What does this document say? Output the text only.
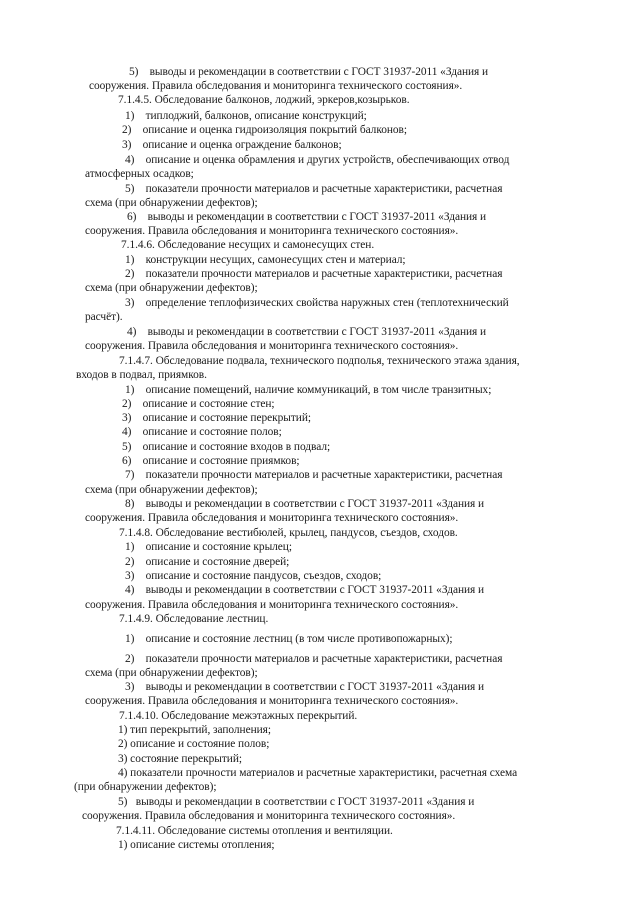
5)    выводы и рекомендации в соответствии с ГОСТ 31937-2011 «Здания и
сооружения. Правила обследования и мониторинга технического состояния».
7.1.4.5. Обследование балконов, лоджий, эркеров,козырьков.
1)    типлоджий, балконов, описание конструкций;
2)    описание и оценка гидроизоляция покрытий балконов;
3)    описание и оценка ограждение балконов;
4)    описание и оценка обрамления и других устройств, обеспечивающих отвод
атмосферных осадков;
5)    показатели прочности материалов и расчетные характеристики, расчетная
схема (при обнаружении дефектов);
6)    выводы и рекомендации в соответствии с ГОСТ 31937-2011 «Здания и
сооружения. Правила обследования и мониторинга технического состояния».
7.1.4.6. Обследование несущих и самонесущих стен.
1)    конструкции несущих, самонесущих стен и материал;
2)    показатели прочности материалов и расчетные характеристики, расчетная
схема (при обнаружении дефектов);
3)    определение теплофизических свойства наружных стен (теплотехнический
расчёт).
4)    выводы и рекомендации в соответствии с ГОСТ 31937-2011 «Здания и
сооружения. Правила обследования и мониторинга технического состояния».
7.1.4.7. Обследование подвала, технического подполья, технического этажа здания,
входов в подвал, приямков.
1)    описание помещений, наличие коммуникаций, в том числе транзитных;
2)    описание и состояние стен;
3)    описание и состояние перекрытий;
4)    описание и состояние полов;
5)    описание и состояние входов в подвал;
6)    описание и состояние приямков;
7)    показатели прочности материалов и расчетные характеристики, расчетная
схема (при обнаружении дефектов);
8)    выводы и рекомендации в соответствии с ГОСТ 31937-2011 «Здания и
сооружения. Правила обследования и мониторинга технического состояния».
7.1.4.8. Обследование вестибюлей, крылец, пандусов, съездов, сходов.
1)    описание и состояние крылец;
2)    описание и состояние дверей;
3)    описание и состояние пандусов, съездов, сходов;
4)    выводы и рекомендации в соответствии с ГОСТ 31937-2011 «Здания и
сооружения. Правила обследования и мониторинга технического состояния».
7.1.4.9. Обследование лестниц.
1)    описание и состояние лестниц (в том числе противопожарных);
2)    показатели прочности материалов и расчетные характеристики, расчетная
схема (при обнаружении дефектов);
3)    выводы и рекомендации в соответствии с ГОСТ 31937-2011 «Здания и
сооружения. Правила обследования и мониторинга технического состояния».
7.1.4.10. Обследование межэтажных перекрытий.
1) тип перекрытий, заполнения;
2) описание и состояние полов;
3) состояние перекрытий;
4) показатели прочности материалов и расчетные характеристики, расчетная схема
(при обнаружении дефектов);
5)   выводы и рекомендации в соответствии с ГОСТ 31937-2011 «Здания и
сооружения. Правила обследования и мониторинга технического состояния».
7.1.4.11. Обследование системы отопления и вентиляции.
1) описание системы отопления;
